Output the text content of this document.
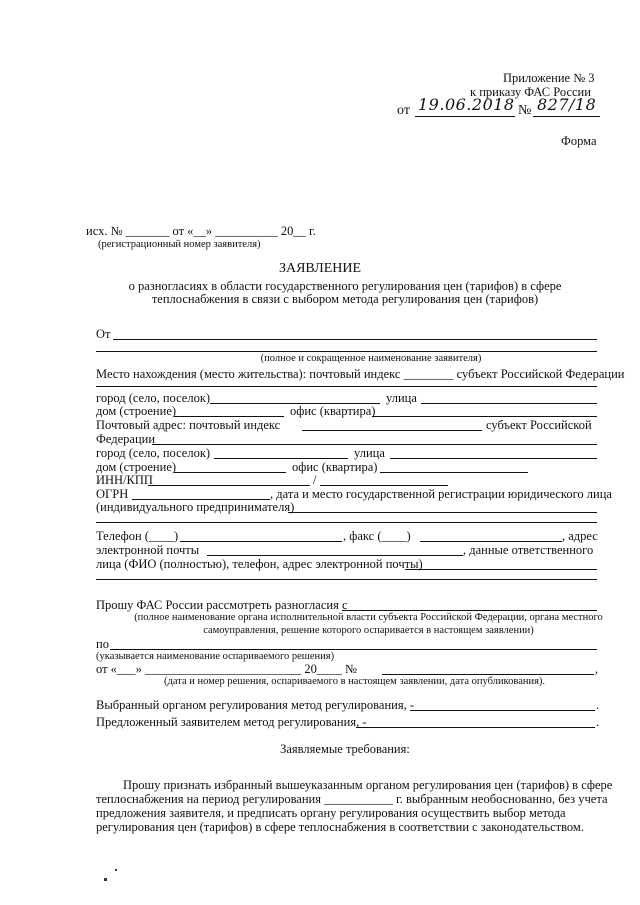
Приложение № 3
к приказу ФАС России
от 19.06.2018 № 827/18
Форма
исх. № _______ от «__» __________ 20__ г.
(регистрационный номер заявителя)
ЗАЯВЛЕНИЕ
о разногласиях в области государственного регулирования цен (тарифов) в сфере
теплоснабжения в связи с выбором метода регулирования цен (тарифов)
От
(полное и сокращенное наименование заявителя)
Место нахождения (место жительства): почтовый индекс ________ субъект Российской Федерации
город (село, поселок)	улица
дом (строение)	офис (квартира)
Почтовый адрес: почтовый индекс	субъект Российской
Федерации
город (село, поселок)	улица
дом (строение)	офис (квартира)
ИНН/КПП	/
ОГРН	, дата и место государственной регистрации юридического лица
(индивидуального предпринимателя)
Телефон (____)	, факс (____)	, адрес
электронной почты	, данные ответственного
лица (ФИО (полностью), телефон, адрес электронной почты)
Прошу ФАС России рассмотреть разногласия с
(полное наименование органа исполнительной власти субъекта Российской Федерации, органа местного
самоуправления, решение которого оспаривается в настоящем заявлении)
по
(указывается наименование оспариваемого решения)
от «___» _________________________ 20____ №	,
(дата и номер решения, оспариваемого в настоящем заявлении, дата опубликования).
Выбранный органом регулирования метод регулирования, -	.
Предложенный заявителем метод регулирования, -	.
Заявляемые требования:
Прошу признать избранный вышеуказанным органом регулирования цен (тарифов) в сфере
теплоснабжения на период регулирования ___________ г. выбранным необоснованно, без учета
предложения заявителя, и предписать органу регулирования осуществить выбор метода
регулирования цен (тарифов) в сфере теплоснабжения в соответствии с законодательством.
